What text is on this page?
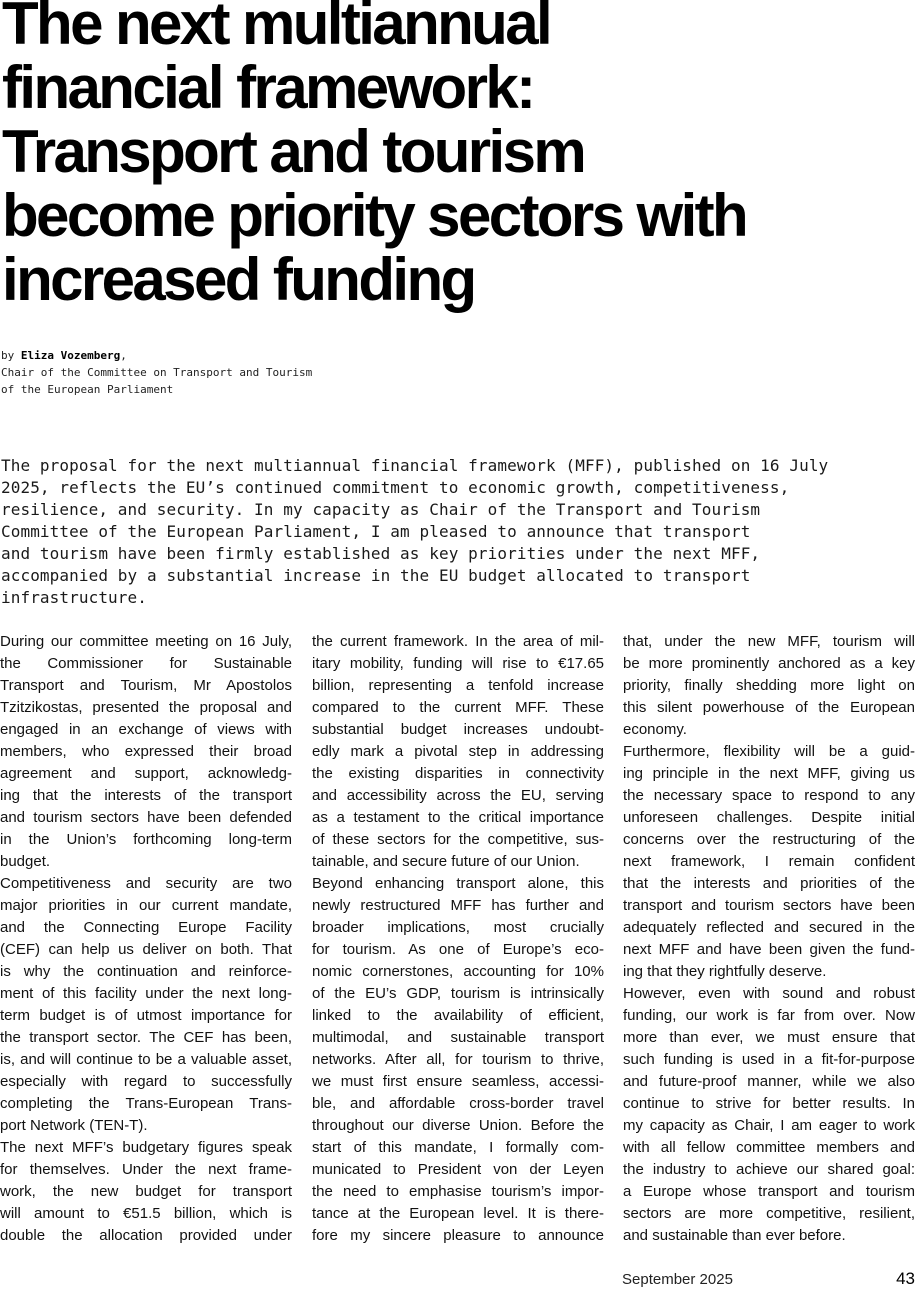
The next multiannual
financial framework:
Transport and tourism
become priority sectors with
increased funding
by Eliza Vozemberg,
Chair of the Committee on Transport and Tourism
of the European Parliament
The proposal for the next multiannual financial framework (MFF), published on 16 July
2025, reflects the EU’s continued commitment to economic growth, competitiveness,
resilience, and security. In my capacity as Chair of the Transport and Tourism
Committee of the European Parliament, I am pleased to announce that transport
and tourism have been firmly established as key priorities under the next MFF,
accompanied by a substantial increase in the EU budget allocated to transport
infrastructure.
During our committee meeting on 16 July,
the Commissioner for Sustainable
Transport and Tourism, Mr Apostolos
Tzitzikostas, presented the proposal and
engaged in an exchange of views with
members, who expressed their broad
agreement and support, acknowledg-
ing that the interests of the transport
and tourism sectors have been defended
in the Union’s forthcoming long-term
budget.
Competitiveness and security are two
major priorities in our current mandate,
and the Connecting Europe Facility
(CEF) can help us deliver on both. That
is why the continuation and reinforce-
ment of this facility under the next long-
term budget is of utmost importance for
the transport sector. The CEF has been,
is, and will continue to be a valuable asset,
especially with regard to successfully
completing the Trans-European Trans-
port Network (TEN-T).
The next MFF’s budgetary figures speak
for themselves. Under the next frame-
work, the new budget for transport
will amount to €51.5 billion, which is
double the allocation provided under
the current framework. In the area of mil-
itary mobility, funding will rise to €17.65
billion, representing a tenfold increase
compared to the current MFF. These
substantial budget increases undoubt-
edly mark a pivotal step in addressing
the existing disparities in connectivity
and accessibility across the EU, serving
as a testament to the critical importance
of these sectors for the competitive, sus-
tainable, and secure future of our Union.
Beyond enhancing transport alone, this
newly restructured MFF has further and
broader implications, most crucially
for tourism. As one of Europe’s eco-
nomic cornerstones, accounting for 10%
of the EU’s GDP, tourism is intrinsically
linked to the availability of efficient,
multimodal, and sustainable transport
networks. After all, for tourism to thrive,
we must first ensure seamless, accessi-
ble, and affordable cross-border travel
throughout our diverse Union. Before the
start of this mandate, I formally com-
municated to President von der Leyen
the need to emphasise tourism’s impor-
tance at the European level. It is there-
fore my sincere pleasure to announce
that, under the new MFF, tourism will
be more prominently anchored as a key
priority, finally shedding more light on
this silent powerhouse of the European
economy.
Furthermore, flexibility will be a guid-
ing principle in the next MFF, giving us
the necessary space to respond to any
unforeseen challenges. Despite initial
concerns over the restructuring of the
next framework, I remain confident
that the interests and priorities of the
transport and tourism sectors have been
adequately reflected and secured in the
next MFF and have been given the fund-
ing that they rightfully deserve.
However, even with sound and robust
funding, our work is far from over. Now
more than ever, we must ensure that
such funding is used in a fit-for-purpose
and future-proof manner, while we also
continue to strive for better results. In
my capacity as Chair, I am eager to work
with all fellow committee members and
the industry to achieve our shared goal:
a Europe whose transport and tourism
sectors are more competitive, resilient,
and sustainable than ever before.
September 2025	43
